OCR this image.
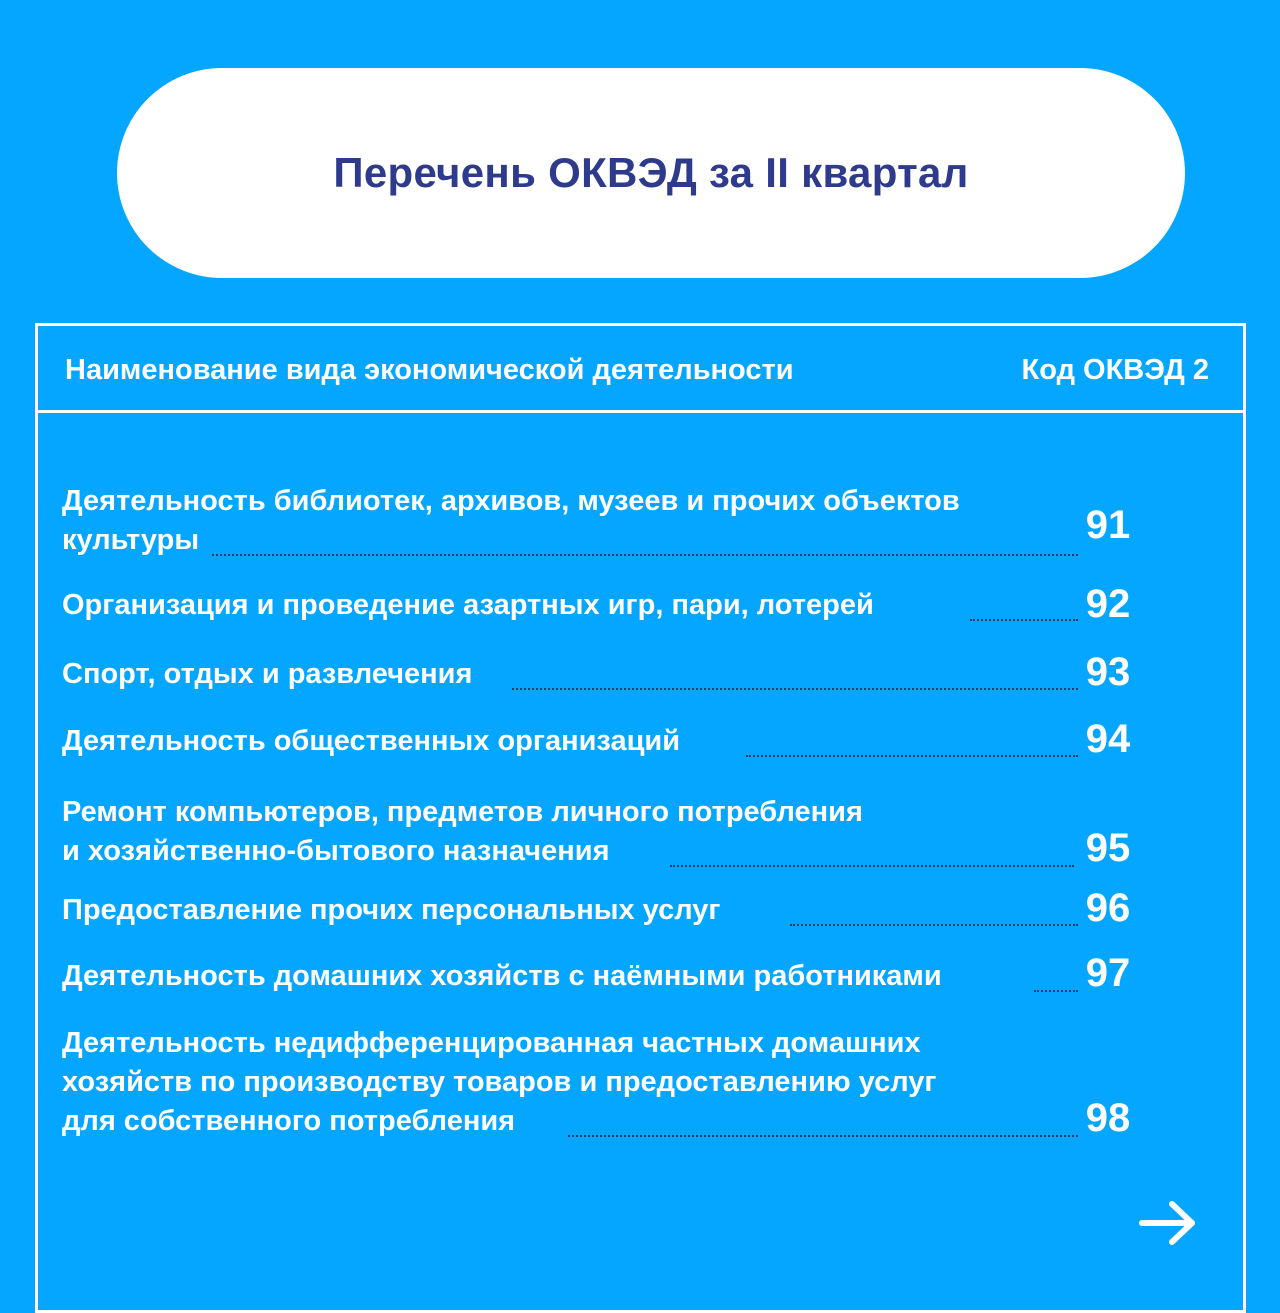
Перечень ОКВЭД за II квартал
Наименование вида экономической деятельности	Код ОКВЭД 2
Деятельность библиотек, архивов, музеев и прочих объектов
культуры	91
Организация и проведение азартных игр, пари, лотерей	92
Спорт, отдых и развлечения	93
Деятельность общественных организаций	94
Ремонт компьютеров, предметов личного потребления
и хозяйственно-бытового назначения	95
Предоставление прочих персональных услуг	96
Деятельность домашних хозяйств с наёмными работниками	97
Деятельность недифференцированная частных домашних
хозяйств по производству товаров и предоставлению услуг
для собственного потребления	98
